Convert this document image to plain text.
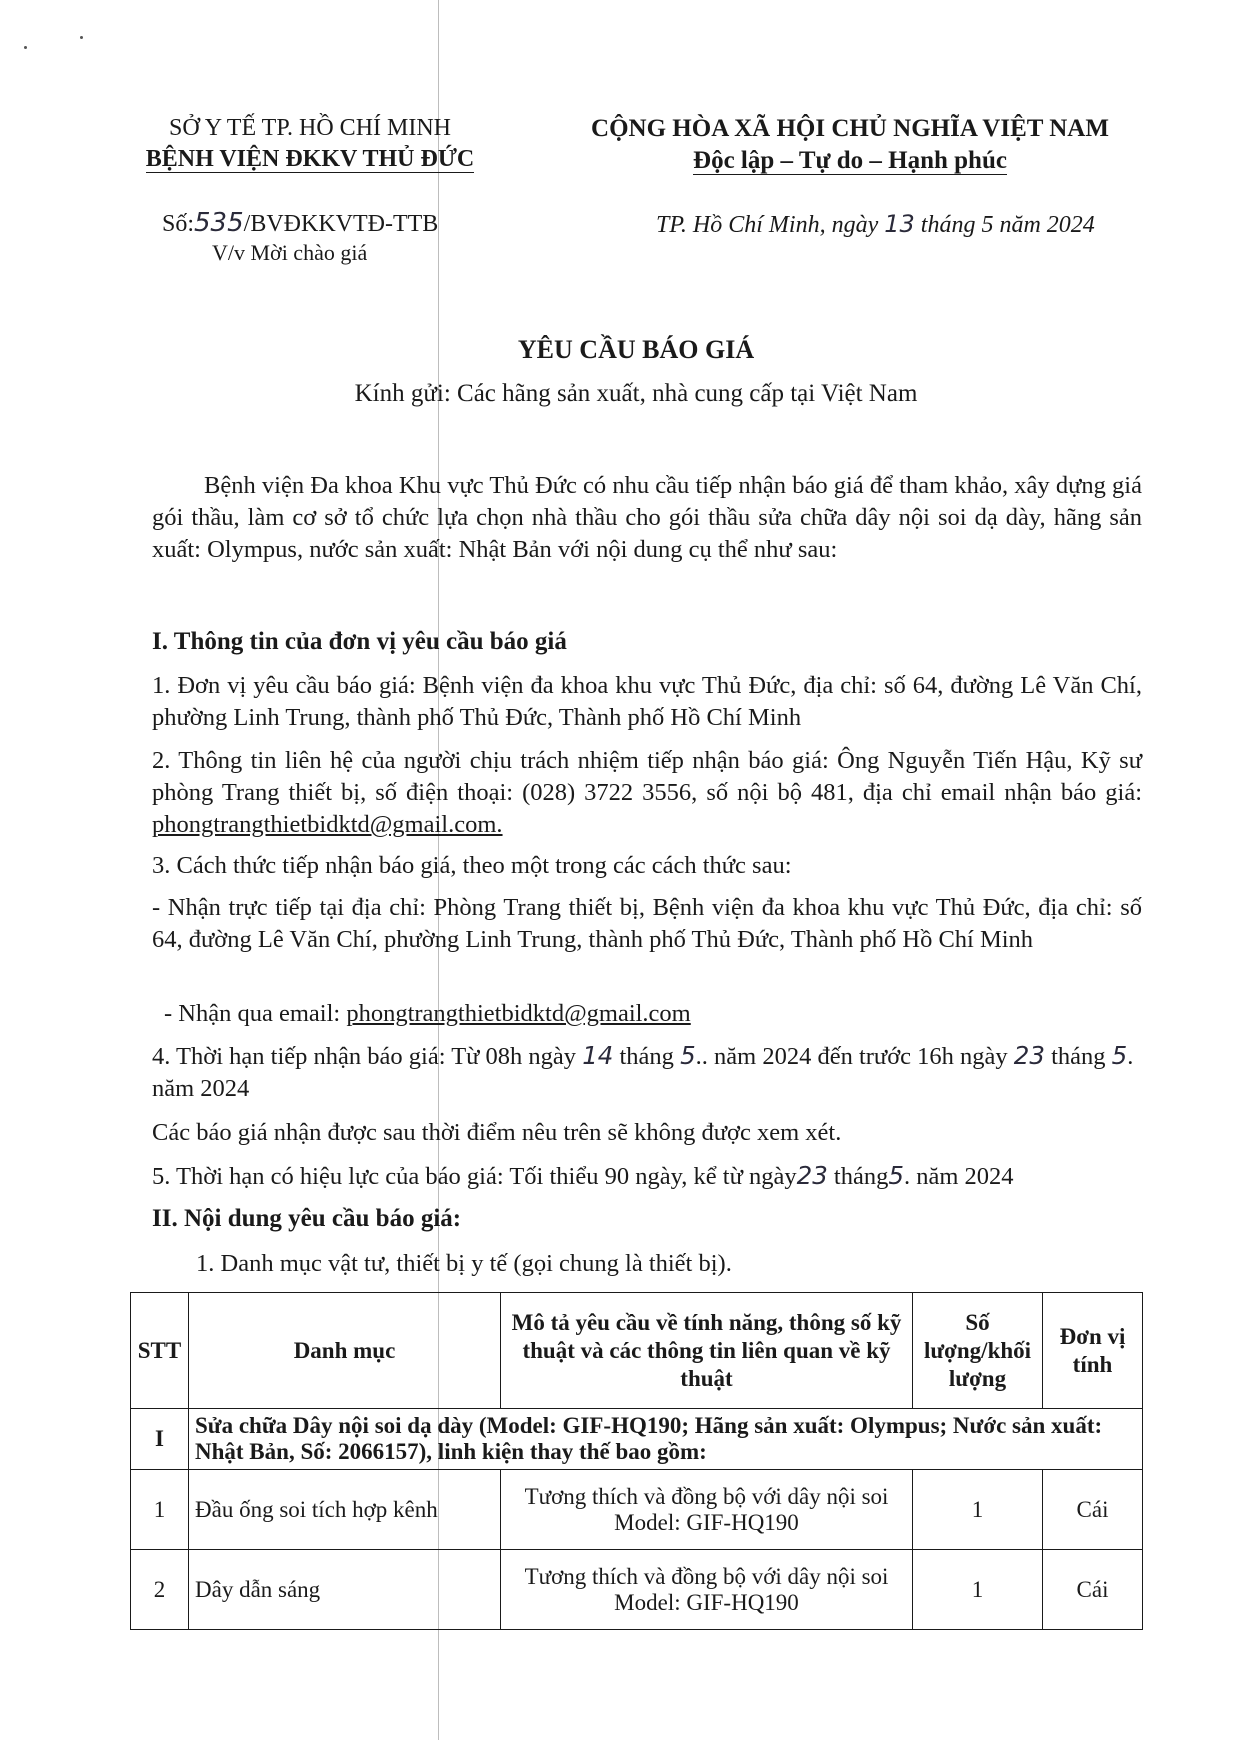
SỞ Y TẾ TP. HỒ CHÍ MINH
BỆNH VIỆN ĐKKV THỦ ĐỨC
CỘNG HÒA XÃ HỘI CHỦ NGHĨA VIỆT NAM
Độc lập – Tự do – Hạnh phúc
Số:535/BVĐKKVTĐ-TTB
V/v Mời chào giá
TP. Hồ Chí Minh, ngày 13 tháng 5 năm 2024
YÊU CẦU BÁO GIÁ
Kính gửi: Các hãng sản xuất, nhà cung cấp tại Việt Nam
Bệnh viện Đa khoa Khu vực Thủ Đức có nhu cầu tiếp nhận báo giá để tham khảo, xây dựng giá gói thầu, làm cơ sở tổ chức lựa chọn nhà thầu cho gói thầu sửa chữa dây nội soi dạ dày, hãng sản xuất: Olympus, nước sản xuất: Nhật Bản với nội dung cụ thể như sau:
I. Thông tin của đơn vị yêu cầu báo giá
1. Đơn vị yêu cầu báo giá: Bệnh viện đa khoa khu vực Thủ Đức, địa chỉ: số 64, đường Lê Văn Chí, phường Linh Trung, thành phố Thủ Đức, Thành phố Hồ Chí Minh
2. Thông tin liên hệ của người chịu trách nhiệm tiếp nhận báo giá: Ông Nguyễn Tiến Hậu, Kỹ sư phòng Trang thiết bị, số điện thoại: (028) 3722 3556, số nội bộ 481, địa chỉ email nhận báo giá: phongtrangthietbidktd@gmail.com.
3. Cách thức tiếp nhận báo giá, theo một trong các cách thức sau:
- Nhận trực tiếp tại địa chỉ: Phòng Trang thiết bị, Bệnh viện đa khoa khu vực Thủ Đức, địa chỉ: số 64, đường Lê Văn Chí, phường Linh Trung, thành phố Thủ Đức, Thành phố Hồ Chí Minh
- Nhận qua email: phongtrangthietbidktd@gmail.com
4. Thời hạn tiếp nhận báo giá: Từ 08h ngày 14 tháng 5.. năm 2024 đến trước 16h ngày 23 tháng 5. năm 2024
Các báo giá nhận được sau thời điểm nêu trên sẽ không được xem xét.
5. Thời hạn có hiệu lực của báo giá: Tối thiểu 90 ngày, kể từ ngày23 tháng5. năm 2024
II. Nội dung yêu cầu báo giá:
1. Danh mục vật tư, thiết bị y tế (gọi chung là thiết bị).
STT	Danh mục	Mô tả yêu cầu về tính năng, thông số kỹ thuật và các thông tin liên quan về kỹ thuật	Số lượng/khối lượng	Đơn vị tính
I	Sửa chữa Dây nội soi dạ dày (Model: GIF-HQ190; Hãng sản xuất: Olympus; Nước sản xuất: Nhật Bản, Số: 2066157), linh kiện thay thế bao gồm:			
1	Đầu ống soi tích hợp kênh	Tương thích và đồng bộ với dây nội soi Model: GIF-HQ190	1	Cái
2	Dây dẫn sáng	Tương thích và đồng bộ với dây nội soi Model: GIF-HQ190	1	Cái
